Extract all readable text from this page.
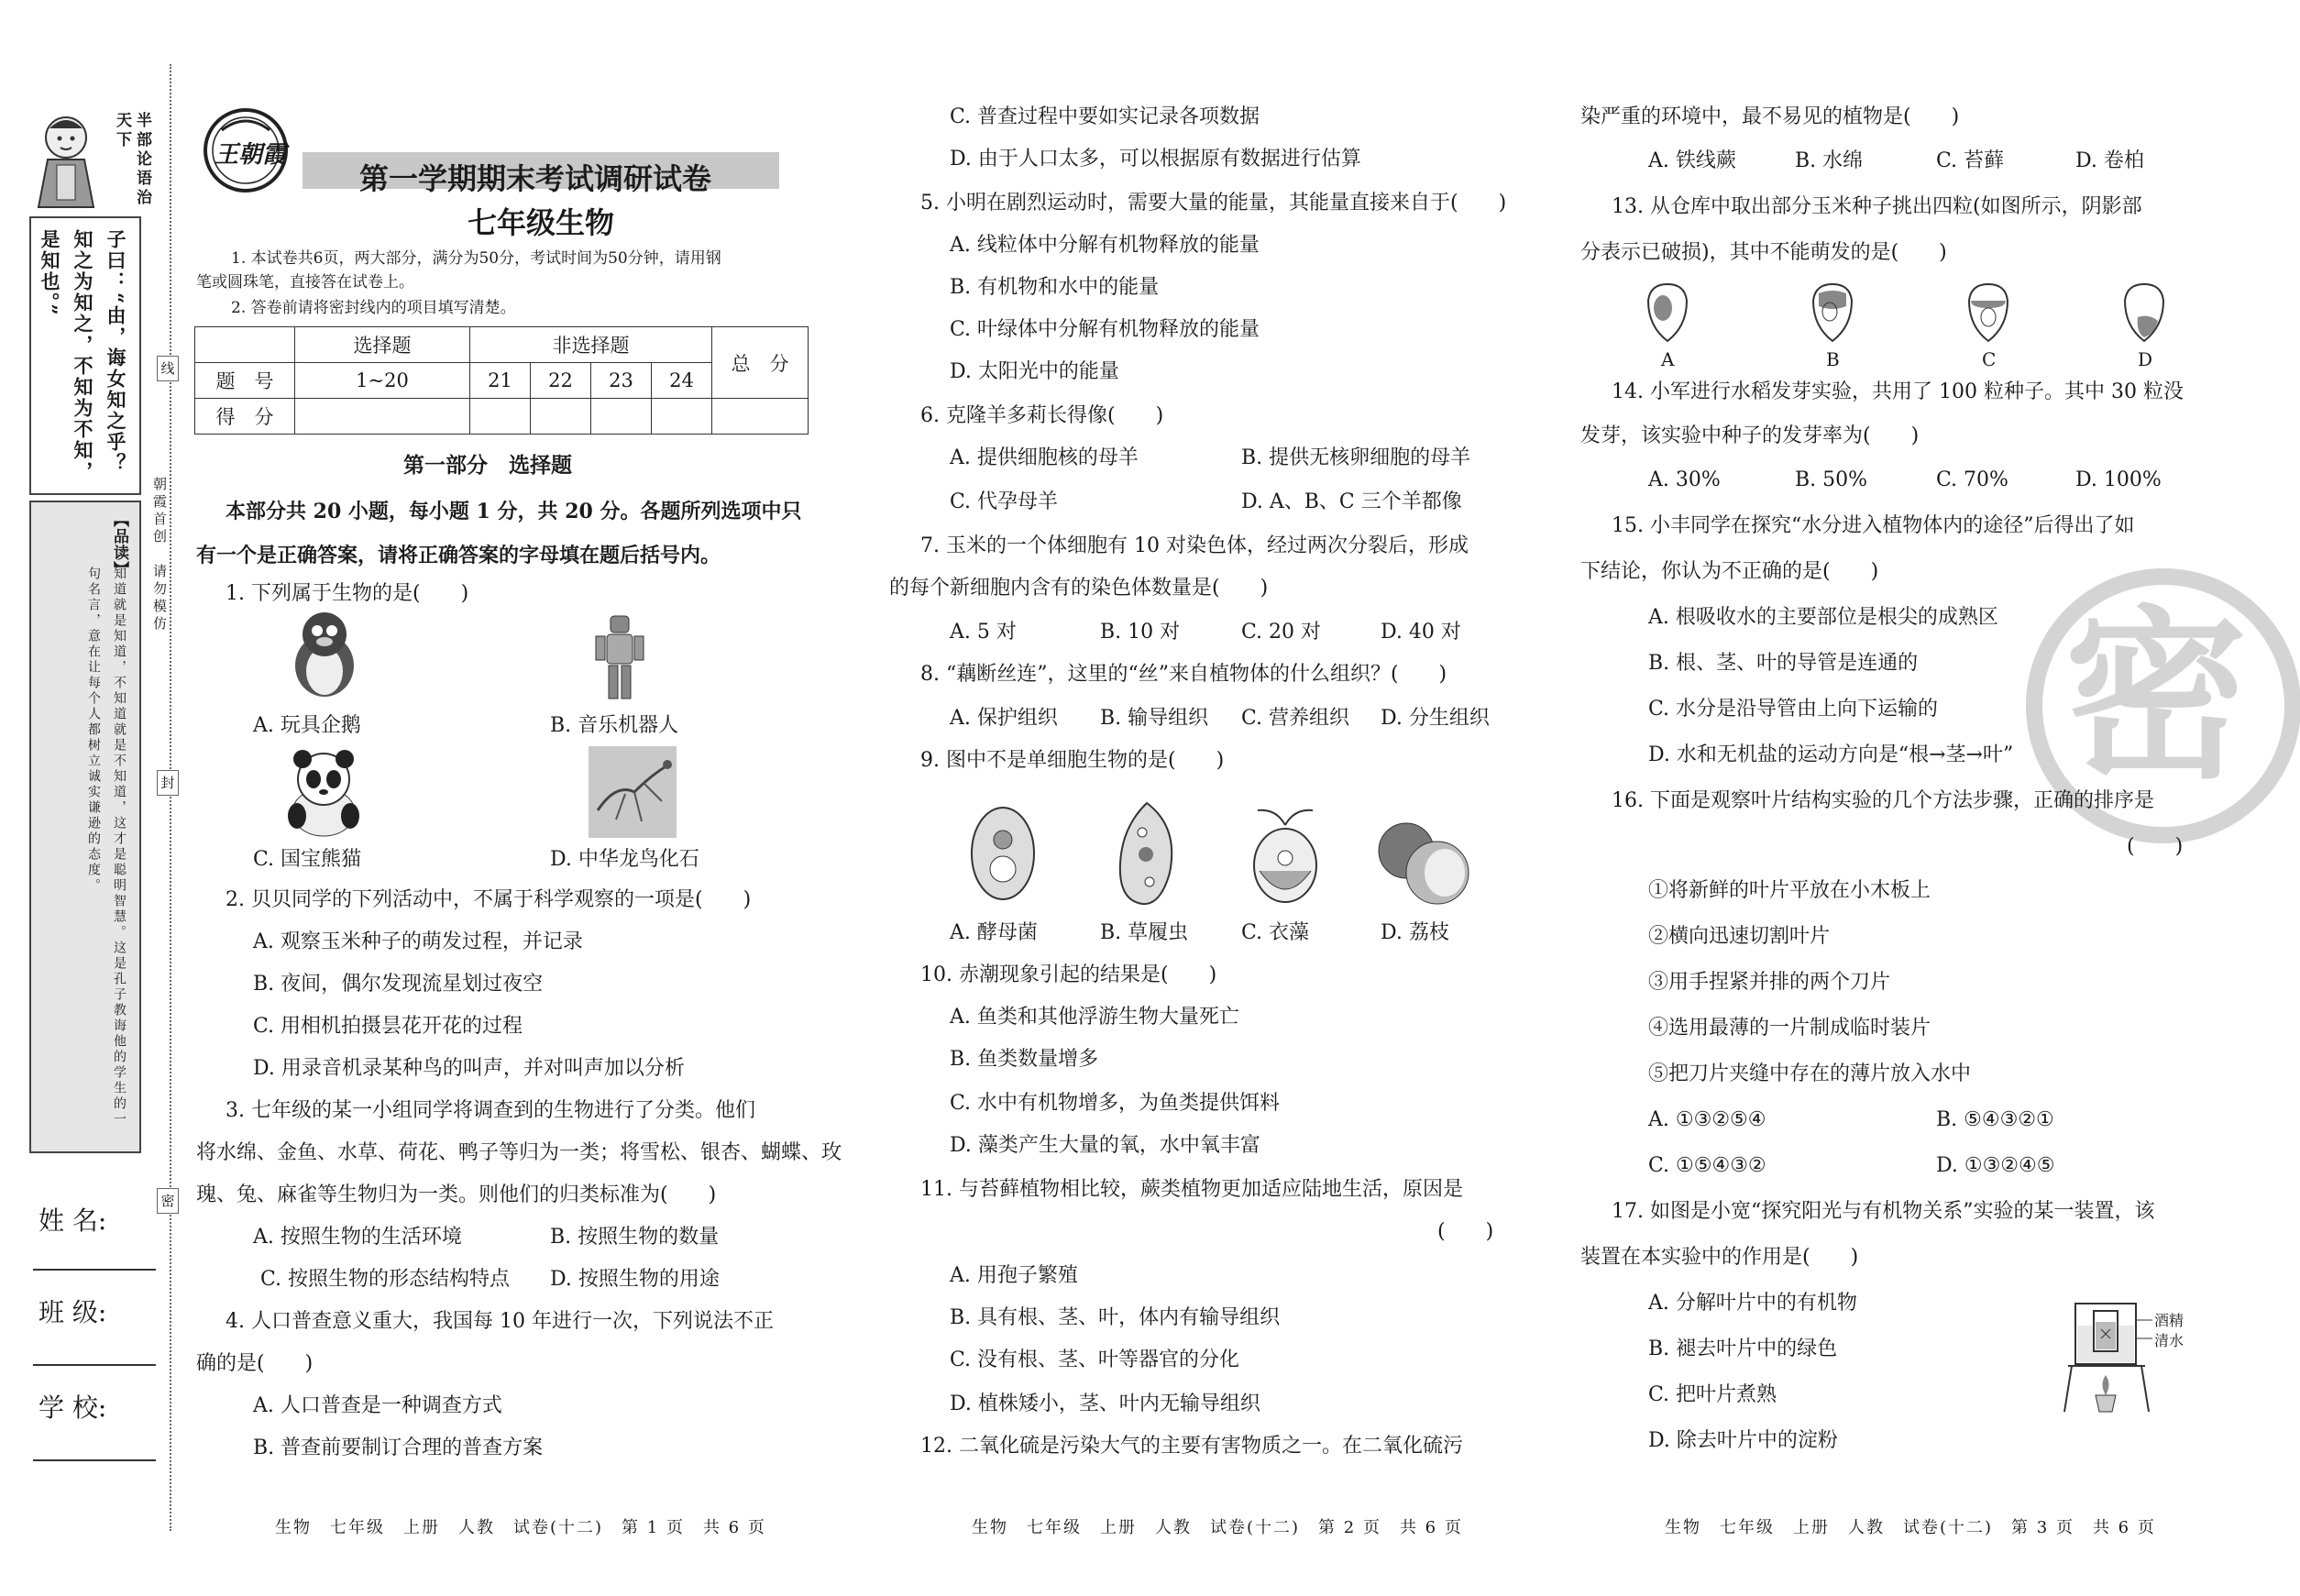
半部论语治天下
子曰：“由，诲女知之乎？知之为知之，不知为不知，是知也。”
【品读】
知道就是知道，不知道就是不知道，这才是聪明智慧。这是孔子教诲他的学生的一句名言，意在让每个人都树立诚实谦逊的态度。
朝霞首创　请勿模仿
线
封
密
姓 名:
班 级:
学 校:
王朝霞
第一学期期末考试调研试卷
七年级生物
1. 本试卷共6页，两大部分，满分为50分，考试时间为50分钟，请用钢
笔或圆珠笔，直接答在试卷上。
2. 答卷前请将密封线内的项目填写清楚。
	选择题	非选择题				总　分
题　号	1~20	21	22	23	24	
得　分						
第一部分　选择题
本部分共 20 小题，每小题 1 分，共 20 分。各题所列选项中只
有一个是正确答案，请将正确答案的字母填在题后括号内。
1. 下列属于生物的是(　　)
A. 玩具企鹅	B. 音乐机器人
C. 国宝熊猫	D. 中华龙鸟化石
2. 贝贝同学的下列活动中，不属于科学观察的一项是(　　)
A. 观察玉米种子的萌发过程，并记录
B. 夜间，偶尔发现流星划过夜空
C. 用相机拍摄昙花开花的过程
D. 用录音机录某种鸟的叫声，并对叫声加以分析
3. 七年级的某一小组同学将调查到的生物进行了分类。他们
将水绵、金鱼、水草、荷花、鸭子等归为一类；将雪松、银杏、蝴蝶、玫
瑰、兔、麻雀等生物归为一类。则他们的归类标准为(　　)
A. 按照生物的生活环境	B. 按照生物的数量
C. 按照生物的形态结构特点 D. 按照生物的用途
4. 人口普查意义重大，我国每 10 年进行一次，下列说法不正
确的是(　　)
A. 人口普查是一种调查方式
B. 普查前要制订合理的普查方案
生物　七年级　上册　人教　试卷(十二)　第 1 页　共 6 页
C. 普查过程中要如实记录各项数据
D. 由于人口太多，可以根据原有数据进行估算
5. 小明在剧烈运动时，需要大量的能量，其能量直接来自于(　　)
A. 线粒体中分解有机物释放的能量
B. 有机物和水中的能量
C. 叶绿体中分解有机物释放的能量
D. 太阳光中的能量
6. 克隆羊多莉长得像(　　)
A. 提供细胞核的母羊	B. 提供无核卵细胞的母羊
C. 代孕母羊	D. A、B、C 三个羊都像
7. 玉米的一个体细胞有 10 对染色体，经过两次分裂后，形成
的每个新细胞内含有的染色体数量是(　　)
A. 5 对	B. 10 对	C. 20 对	D. 40 对
8. “藕断丝连”，这里的“丝”来自植物体的什么组织？(　　)
A. 保护组织 B. 输导组织 C. 营养组织 D. 分生组织
9. 图中不是单细胞生物的是(　　)
A. 酵母菌	B. 草履虫	C. 衣藻	D. 荔枝
10. 赤潮现象引起的结果是(　　)
A. 鱼类和其他浮游生物大量死亡
B. 鱼类数量增多
C. 水中有机物增多，为鱼类提供饵料
D. 藻类产生大量的氧，水中氧丰富
11. 与苔藓植物相比较，蕨类植物更加适应陆地生活，原因是
(　　)
A. 用孢子繁殖
B. 具有根、茎、叶，体内有输导组织
C. 没有根、茎、叶等器官的分化
D. 植株矮小，茎、叶内无输导组织
12. 二氧化硫是污染大气的主要有害物质之一。在二氧化硫污
生物　七年级　上册　人教　试卷(十二)　第 2 页　共 6 页
密
染严重的环境中，最不易见的植物是(　　)
A. 铁线蕨	B. 水绵	C. 苔藓	D. 卷柏
13. 从仓库中取出部分玉米种子挑出四粒(如图所示，阴影部
分表示已破损)，其中不能萌发的是(　　)
A	B	C	D
14. 小军进行水稻发芽实验，共用了 100 粒种子。其中 30 粒没
发芽，该实验中种子的发芽率为(　　)
A. 30%	B. 50%	C. 70%	D. 100%
15. 小丰同学在探究“水分进入植物体内的途径”后得出了如
下结论，你认为不正确的是(　　)
A. 根吸收水的主要部位是根尖的成熟区
B. 根、茎、叶的导管是连通的
C. 水分是沿导管由上向下运输的
D. 水和无机盐的运动方向是“根→茎→叶”
16. 下面是观察叶片结构实验的几个方法步骤，正确的排序是
(　　)
①将新鲜的叶片平放在小木板上
②横向迅速切割叶片
③用手捏紧并排的两个刀片
④选用最薄的一片制成临时装片
⑤把刀片夹缝中存在的薄片放入水中
A. ①③②⑤④	B. ⑤④③②①
C. ①⑤④③②	D. ①③②④⑤
17. 如图是小宽“探究阳光与有机物关系”实验的某一装置，该
装置在本实验中的作用是(　　)
A. 分解叶片中的有机物
B. 褪去叶片中的绿色
C. 把叶片煮熟
D. 除去叶片中的淀粉
酒精
清水
生物　七年级　上册　人教　试卷(十二)　第 3 页　共 6 页
